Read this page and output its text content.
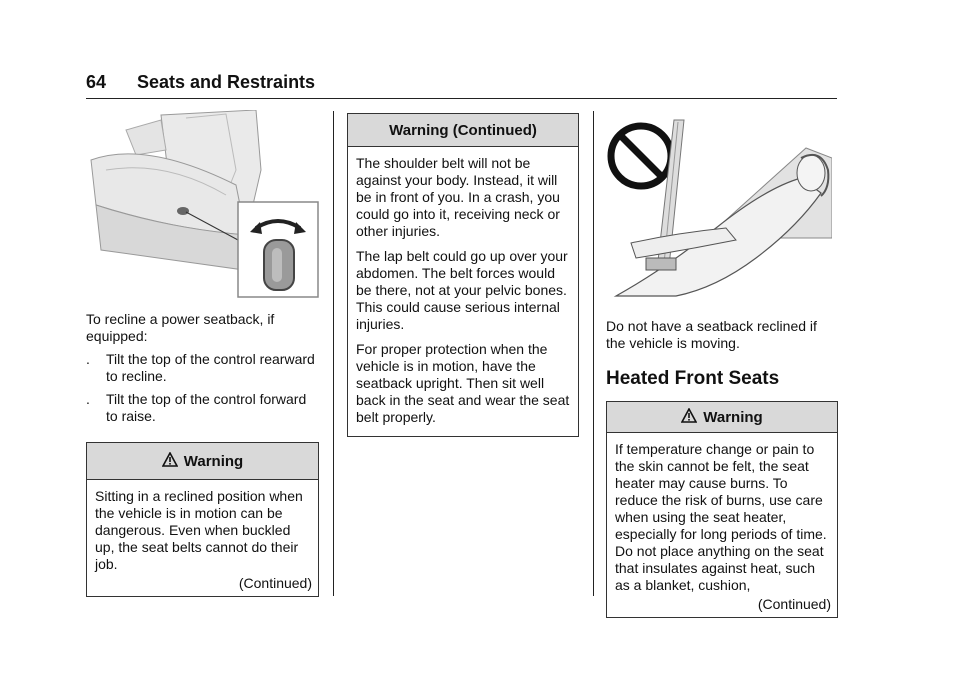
64 Seats and Restraints

To recline a power seatback, if equipped:

. Tilt the top of the control rearward to recline.
. Tilt the top of the control forward to raise.
Warning

Sitting in a reclined position when the vehicle is in motion can be dangerous. Even when buckled up, the seat belts cannot do their job.

(Continued)
Warning (Continued)

The shoulder belt will not be against your body. Instead, it will be in front of you. In a crash, you could go into it, receiving neck or other injuries.

The lap belt could go up over your abdomen. The belt forces would be there, not at your pelvic bones. This could cause serious internal injuries.

For proper protection when the vehicle is in motion, have the seatback upright. Then sit well back in the seat and wear the seat belt properly.

Do not have a seatback reclined if the vehicle is moving.

Heated Front Seats
Warning

If temperature change or pain to the skin cannot be felt, the seat heater may cause burns. To reduce the risk of burns, use care when using the seat heater, especially for long periods of time. Do not place anything on the seat that insulates against heat, such as a blanket, cushion,

(Continued)
